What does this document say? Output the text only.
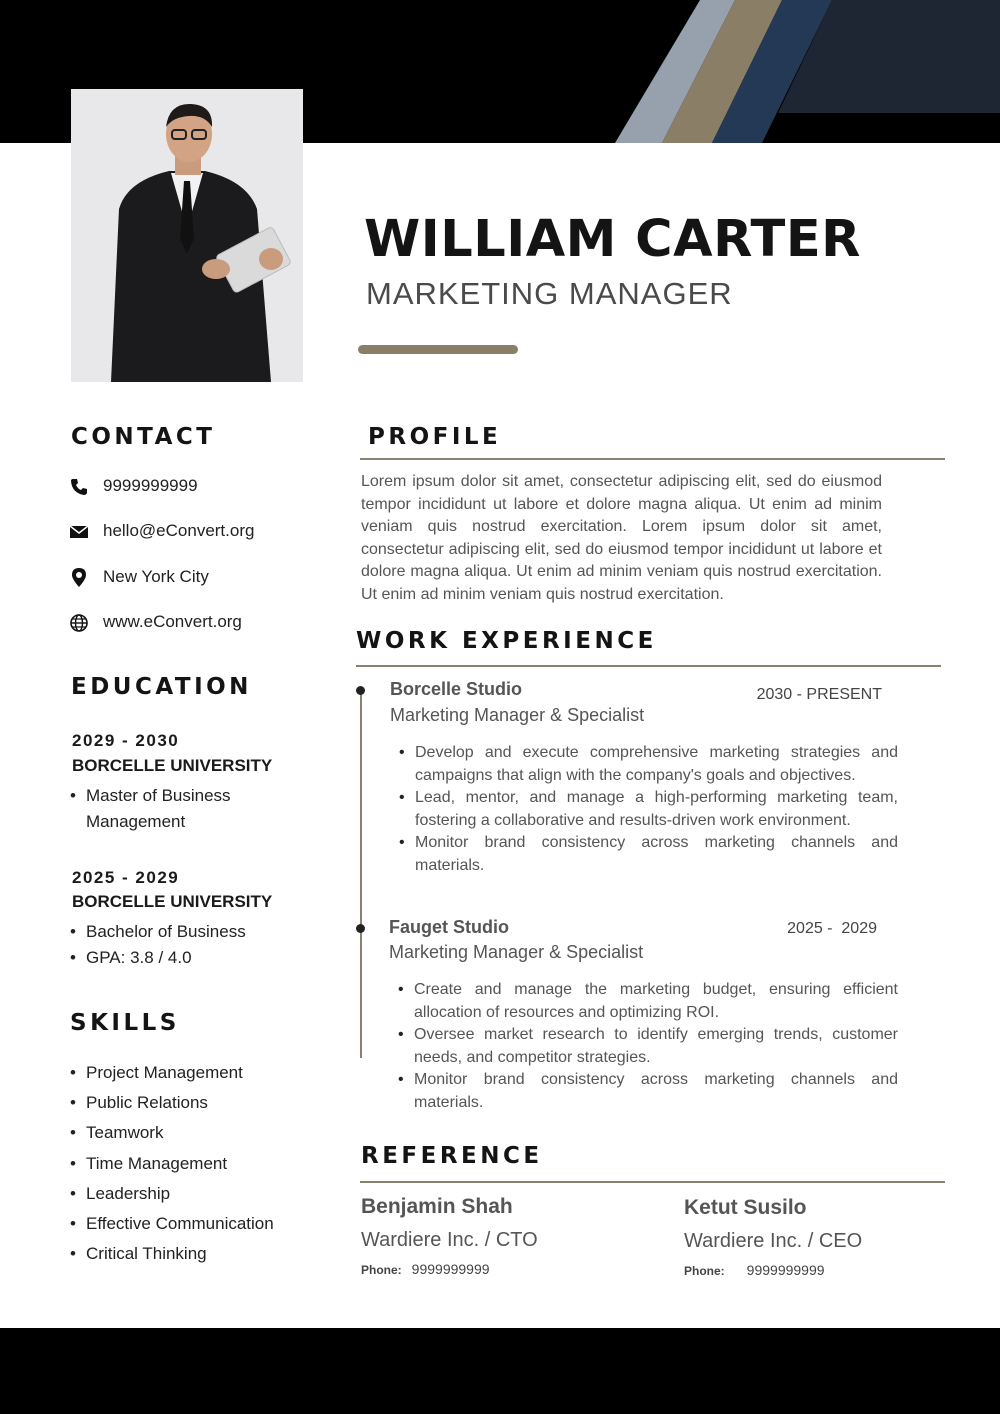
WILLIAM CARTER
MARKETING MANAGER
CONTACT
9999999999
hello@eConvert.org
New York City
www.eConvert.org
EDUCATION
2029 - 2030
BORCELLE UNIVERSITY
• Master of Business Management
2025 - 2029
BORCELLE UNIVERSITY
• Bachelor of Business
• GPA: 3.8 / 4.0
SKILLS
• Project Management
• Public Relations
• Teamwork
• Time Management
• Leadership
• Effective Communication
• Critical Thinking
PROFILE
Lorem ipsum dolor sit amet, consectetur adipiscing elit, sed do eiusmod tempor incididunt ut labore et dolore magna aliqua. Ut enim ad minim veniam quis nostrud exercitation. Lorem ipsum dolor sit amet, consectetur adipiscing elit, sed do eiusmod tempor incididunt ut labore et dolore magna aliqua. Ut enim ad minim veniam quis nostrud exercitation. Ut enim ad minim veniam quis nostrud exercitation.
WORK EXPERIENCE
Borcelle Studio	2030 - PRESENT
Marketing Manager & Specialist
• Develop and execute comprehensive marketing strategies and campaigns that align with the company's goals and objectives.
• Lead, mentor, and manage a high-performing marketing team, fostering a collaborative and results-driven work environment.
• Monitor brand consistency across marketing channels and materials.
Fauget Studio	2025 -  2029
Marketing Manager & Specialist
• Create and manage the marketing budget, ensuring efficient allocation of resources and optimizing ROI.
• Oversee market research to identify emerging trends, customer needs, and competitor strategies.
• Monitor brand consistency across marketing channels and materials.
REFERENCE
Benjamin Shah
Wardiere Inc. / CTO
Phone: 9999999999
Ketut Susilo
Wardiere Inc. / CEO
Phone: 9999999999
